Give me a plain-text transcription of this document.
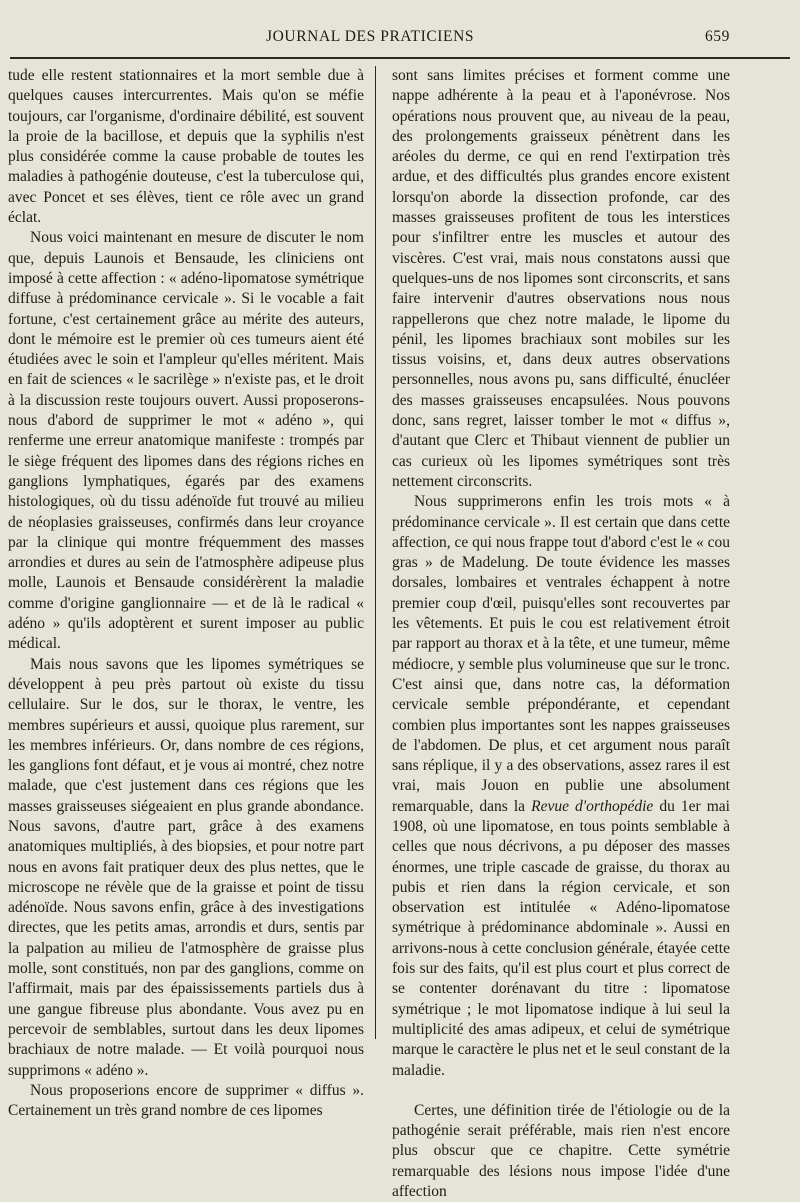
JOURNAL DES PRATICIENS	659

tude elle restent stationnaires et la mort semble due à quelques causes intercurrentes. Mais qu'on se méfie toujours, car l'organisme, d'ordinaire débilité, est souvent la proie de la bacillose, et depuis que la syphilis n'est plus considérée comme la cause probable de toutes les maladies à pathogénie douteuse, c'est la tuberculose qui, avec Poncet et ses élèves, tient ce rôle avec un grand éclat.

Nous voici maintenant en mesure de discuter le nom que, depuis Launois et Bensaude, les cliniciens ont imposé à cette affection : « adéno-lipomatose symétrique diffuse à prédominance cervicale ». Si le vocable a fait fortune, c'est certainement grâce au mérite des auteurs, dont le mémoire est le premier où ces tumeurs aient été étudiées avec le soin et l'ampleur qu'elles méritent. Mais en fait de sciences « le sacrilège » n'existe pas, et le droit à la discussion reste toujours ouvert. Aussi proposerons-nous d'abord de supprimer le mot « adéno », qui renferme une erreur anatomique manifeste : trompés par le siège fréquent des lipomes dans des régions riches en ganglions lymphatiques, égarés par des examens histologiques, où du tissu adénoïde fut trouvé au milieu de néoplasies graisseuses, confirmés dans leur croyance par la clinique qui montre fréquemment des masses arrondies et dures au sein de l'atmosphère adipeuse plus molle, Launois et Bensaude considérèrent la maladie comme d'origine ganglionnaire — et de là le radical « adéno » qu'ils adoptèrent et surent imposer au public médical.

Mais nous savons que les lipomes symétriques se développent à peu près partout où existe du tissu cellulaire. Sur le dos, sur le thorax, le ventre, les membres supérieurs et aussi, quoique plus rarement, sur les membres inférieurs. Or, dans nombre de ces régions, les ganglions font défaut, et je vous ai montré, chez notre malade, que c'est justement dans ces régions que les masses graisseuses siégeaient en plus grande abondance. Nous savons, d'autre part, grâce à des examens anatomiques multipliés, à des biopsies, et pour notre part nous en avons fait pratiquer deux des plus nettes, que le microscope ne révèle que de la graisse et point de tissu adénoïde. Nous savons enfin, grâce à des investigations directes, que les petits amas, arrondis et durs, sentis par la palpation au milieu de l'atmosphère de graisse plus molle, sont constitués, non par des ganglions, comme on l'affirmait, mais par des épaississements partiels dus à une gangue fibreuse plus abondante. Vous avez pu en percevoir de semblables, surtout dans les deux lipomes brachiaux de notre malade. — Et voilà pourquoi nous supprimons « adéno ».

Nous proposerions encore de supprimer « diffus ». Certainement un très grand nombre de ces lipomes

sont sans limites précises et forment comme une nappe adhérente à la peau et à l'aponévrose. Nos opérations nous prouvent que, au niveau de la peau, des prolongements graisseux pénètrent dans les aréoles du derme, ce qui en rend l'extirpation très ardue, et des difficultés plus grandes encore existent lorsqu'on aborde la dissection profonde, car des masses graisseuses profitent de tous les interstices pour s'infiltrer entre les muscles et autour des viscères. C'est vrai, mais nous constatons aussi que quelques-uns de nos lipomes sont circonscrits, et sans faire intervenir d'autres observations nous nous rappellerons que chez notre malade, le lipome du pénil, les lipomes brachiaux sont mobiles sur les tissus voisins, et, dans deux autres observations personnelles, nous avons pu, sans difficulté, énucléer des masses graisseuses encapsulées. Nous pouvons donc, sans regret, laisser tomber le mot « diffus », d'autant que Clerc et Thibaut viennent de publier un cas curieux où les lipomes symétriques sont très nettement circonscrits.

Nous supprimerons enfin les trois mots « à prédominance cervicale ». Il est certain que dans cette affection, ce qui nous frappe tout d'abord c'est le « cou gras » de Madelung. De toute évidence les masses dorsales, lombaires et ventrales échappent à notre premier coup d'œil, puisqu'elles sont recouvertes par les vêtements. Et puis le cou est relativement étroit par rapport au thorax et à la tête, et une tumeur, même médiocre, y semble plus volumineuse que sur le tronc. C'est ainsi que, dans notre cas, la déformation cervicale semble prépondérante, et cependant combien plus importantes sont les nappes graisseuses de l'abdomen. De plus, et cet argument nous paraît sans réplique, il y a des observations, assez rares il est vrai, mais Jouon en publie une absolument remarquable, dans la Revue d'orthopédie du 1er mai 1908, où une lipomatose, en tous points semblable à celles que nous décrivons, a pu déposer des masses énormes, une triple cascade de graisse, du thorax au pubis et rien dans la région cervicale, et son observation est intitulée « Adéno-lipomatose symétrique à prédominance abdominale ». Aussi en arrivons-nous à cette conclusion générale, étayée cette fois sur des faits, qu'il est plus court et plus correct de se contenter dorénavant du titre : lipomatose symétrique ; le mot lipomatose indique à lui seul la multiplicité des amas adipeux, et celui de symétrique marque le caractère le plus net et le seul constant de la maladie.

Certes, une définition tirée de l'étiologie ou de la pathogénie serait préférable, mais rien n'est encore plus obscur que ce chapitre. Cette symétrie remarquable des lésions nous impose l'idée d'une affection
